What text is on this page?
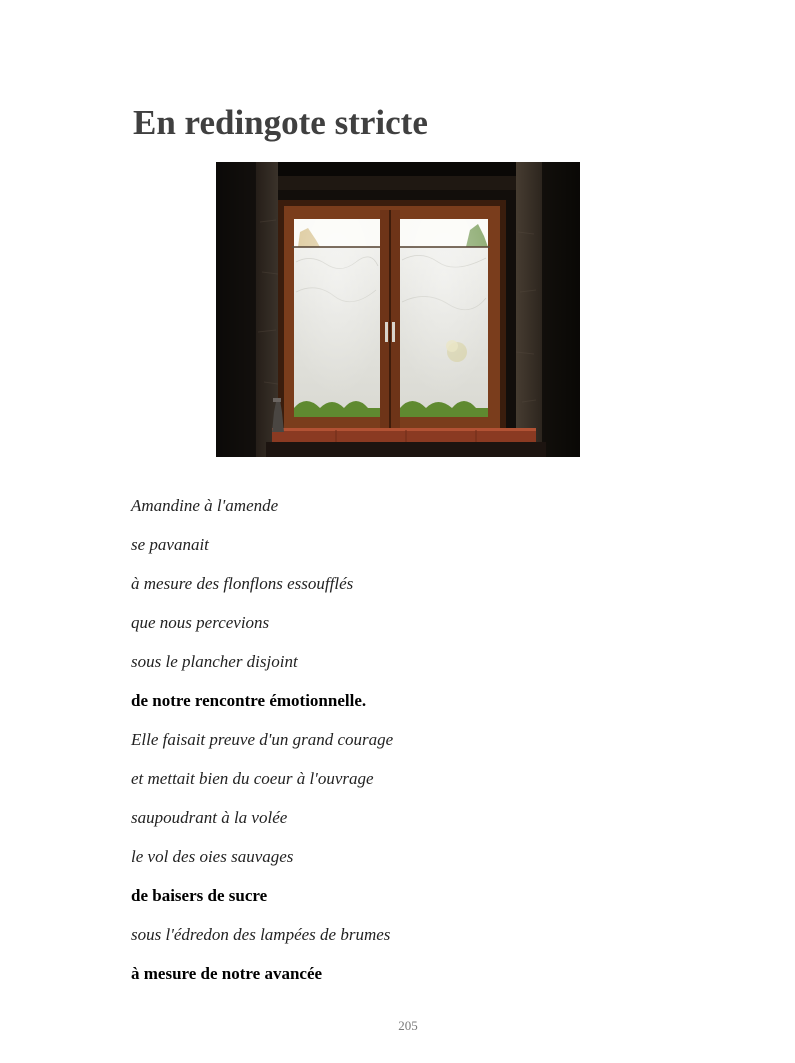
En redingote stricte
Amandine à l'amende
se pavanait
à mesure des flonflons essoufflés
que nous percevions
sous le plancher disjoint
de notre rencontre émotionnelle.
Elle faisait preuve d'un grand courage
et mettait bien du coeur à l'ouvrage
saupoudrant à la volée
le vol des oies sauvages
de baisers de sucre
sous l'édredon des lampées de brumes
à mesure de notre avancée
205
